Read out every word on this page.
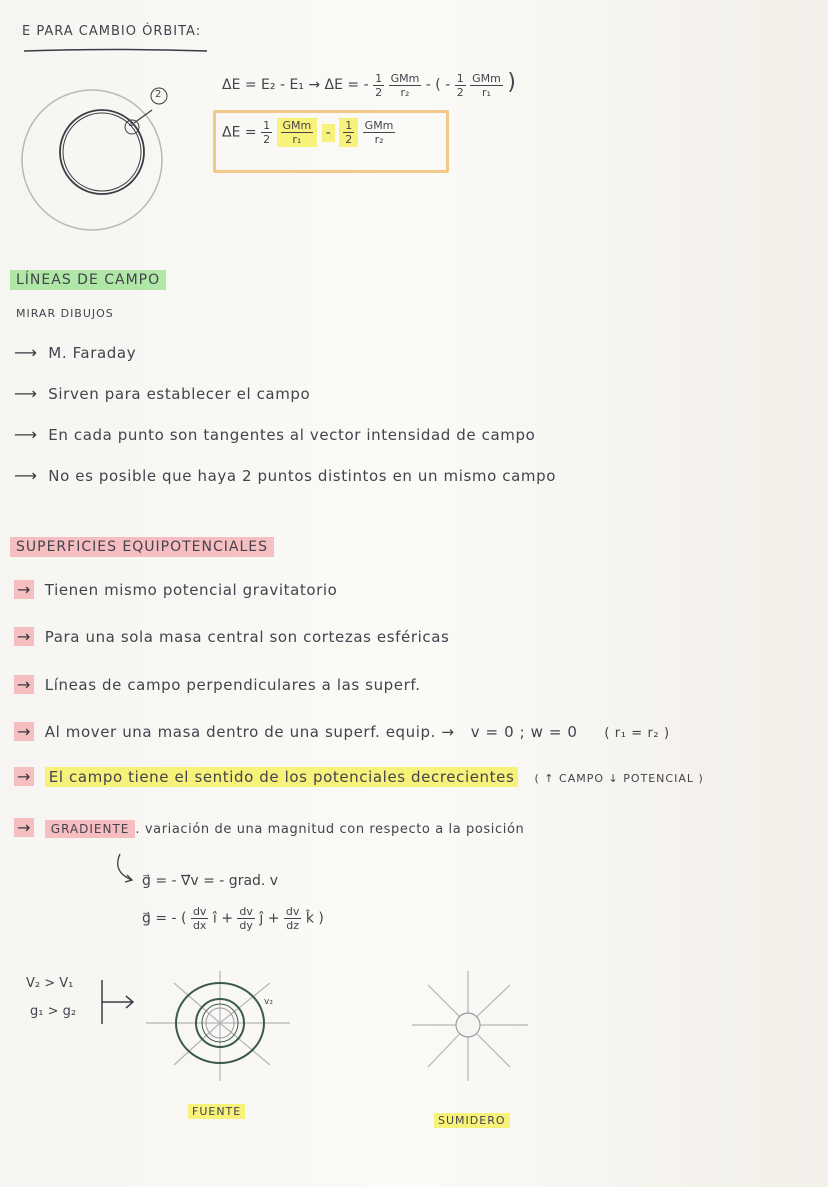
E PARA CAMBIO ÓRBITA:
1
2
ΔE = E₂ - E₁ → ΔE = - $\frac{1}{2}$
$\frac{\text{GMm}}{\text{r₂}}$ - ( - $\frac{1}{2}$
$\frac{\text{GMm}}{\text{r₁}}$ )
$\Delta E = \frac{1}{2}$
$\frac{\text{GMm}}{\text{r₁}} - \frac{1}{2}$
$\frac{\text{GMm}}{\text{r₂}}$
LÍNEAS DE CAMPO
MIRAR DIBUJOS
⟶ M. Faraday
⟶ Sirven para establecer el campo
⟶ En cada punto son tangentes al vector intensidad de campo
⟶ No es posible que haya 2 puntos distintos en un mismo campo
SUPERFICIES EQUIPOTENCIALES
→ Tienen mismo potencial gravitatorio
→ Para una sola masa central son cortezas esféricas
→ Líneas de campo perpendiculares a las superf.
→ Al mover una masa dentro de una superf. equip. → v = 0 ; w = 0 ( r₁ = r₂ )
→ El campo tiene el sentido de los potenciales decrecientes ( ↑ CAMPO ↓ POTENCIAL )
→ GRADIENTE . variación de una magnitud con respecto a la posición
g⃗ = - ∇⃗v = - grad. v
g⃗ = - ( $\frac{dv}{dx}$ î + $\frac{dv}{dy}$ ĵ + $\frac{dv}{dz}$ k̂ )
V₂ > V₁
g₁ > g₂
v₂
FUENTE
SUMIDERO
